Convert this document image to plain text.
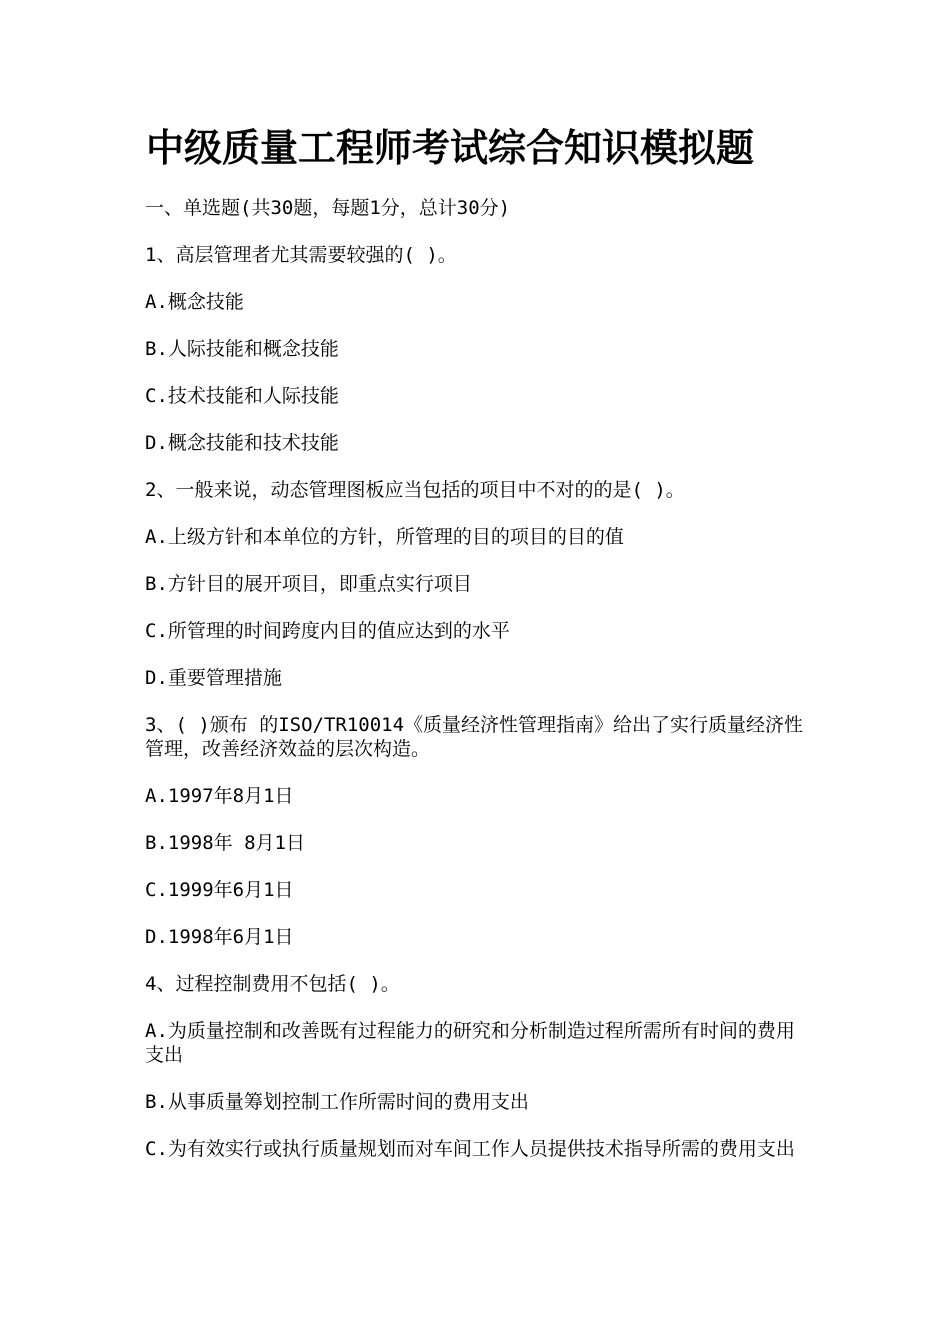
中级质量工程师考试综合知识模拟题
一、单选题(共30题，每题1分，总计30分)
1、高层管理者尤其需要较强的( )。
A.概念技能
B.人际技能和概念技能
C.技术技能和人际技能
D.概念技能和技术技能
2、一般来说，动态管理图板应当包括的项目中不对的的是( )。
A.上级方针和本单位的方针，所管理的目的项目的目的值
B.方针目的展开项目，即重点实行项目
C.所管理的时间跨度内目的值应达到的水平
D.重要管理措施
3、( )颁布 的ISO/TR10014《质量经济性管理指南》给出了实行质量经济性管理，改善经济效益的层次构造。
A.1997年8月1日
B.1998年 8月1日
C.1999年6月1日
D.1998年6月1日
4、过程控制费用不包括( )。
A.为质量控制和改善既有过程能力的研究和分析制造过程所需所有时间的费用支出
B.从事质量筹划控制工作所需时间的费用支出
C.为有效实行或执行质量规划而对车间工作人员提供技术指导所需的费用支出
